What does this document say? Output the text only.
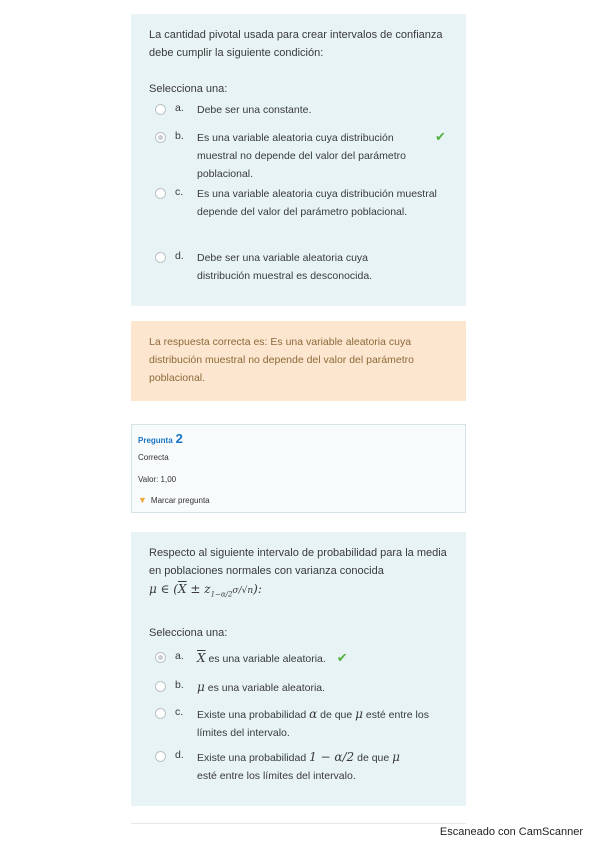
La cantidad pivotal usada para crear intervalos de confianza debe cumplir la siguiente condición:
Selecciona una:
a. Debe ser una constante.
b. Es una variable aleatoria cuya distribución muestral no depende del valor del parámetro poblacional.
✔
c. Es una variable aleatoria cuya distribución muestral depende del valor del parámetro poblacional.
d. Debe ser una variable aleatoria cuya distribución muestral es desconocida.
La respuesta correcta es: Es una variable aleatoria cuya distribución muestral no depende del valor del parámetro poblacional.
Pregunta 2
Correcta
Valor: 1,00
▼ Marcar pregunta
Respecto al siguiente intervalo de probabilidad para la media en poblaciones normales con varianza conocida
μ ∈ $(\overline{X} \pm z_{1-\alpha/2}\sigma/√n)$:
Selecciona una:
a. $\overline{X}$ es una variable aleatoria. ✔
b. μ es una variable aleatoria.
c. Existe una probabilidad α de que μ esté entre los límites del intervalo.
d. Existe una probabilidad 1 − α/2 de que μ esté entre los límites del intervalo.
Escaneado con CamScanner
